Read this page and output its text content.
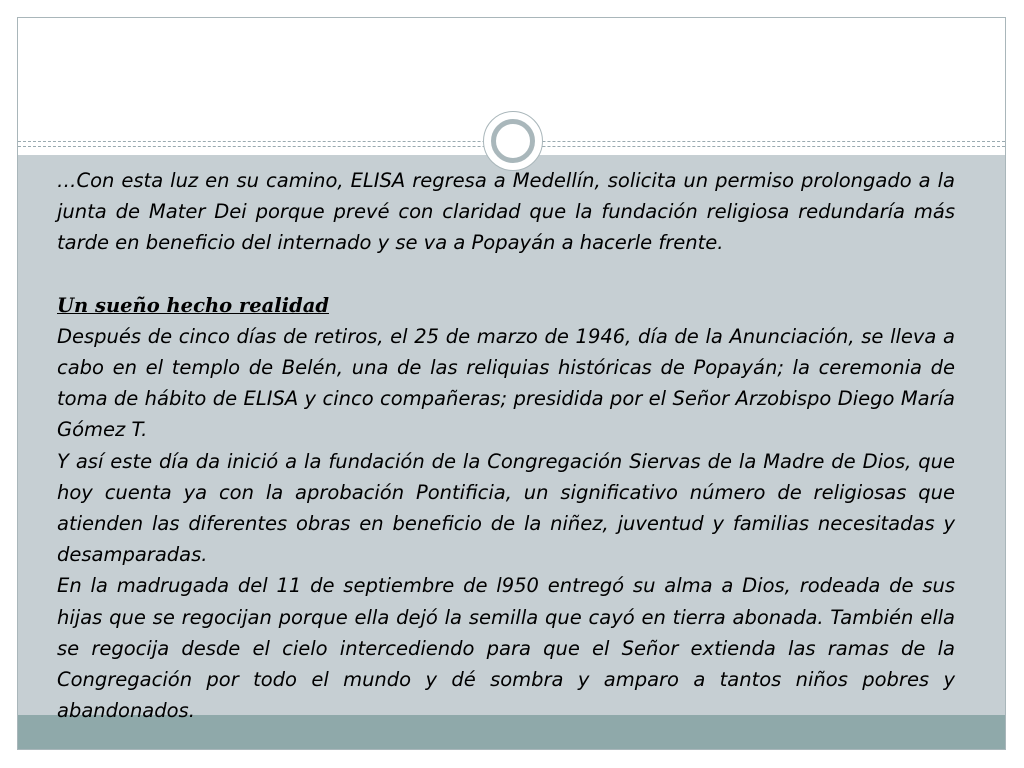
…Con esta luz en su camino, ELISA regresa a Medellín, solicita un permiso prolongado a la junta de Mater Dei porque prevé con claridad que la fundación religiosa redundaría más tarde en beneficio del internado y se va a Popayán a hacerle frente.

Un sueño hecho realidad

Después de cinco días de retiros, el 25 de marzo de 1946, día de la Anunciación, se lleva a cabo en el templo de Belén, una de las reliquias históricas de Popayán; la ceremonia de toma de hábito de ELISA y cinco compañeras; presidida por el Señor Arzobispo Diego María Gómez T.

Y así este día da inició a la fundación de la Congregación Siervas de la Madre de Dios, que hoy cuenta ya con la aprobación Pontificia, un significativo número de religiosas que atienden las diferentes obras en beneficio de la niñez, juventud y familias necesitadas y desamparadas.

En la madrugada del 11 de septiembre de l950 entregó su alma a Dios, rodeada de sus hijas que se regocijan porque ella dejó la semilla que cayó en tierra abonada. También ella se regocija desde el cielo intercediendo para que el Señor extienda las ramas de la Congregación por todo el mundo y dé sombra y amparo a tantos niños pobres y abandonados.
